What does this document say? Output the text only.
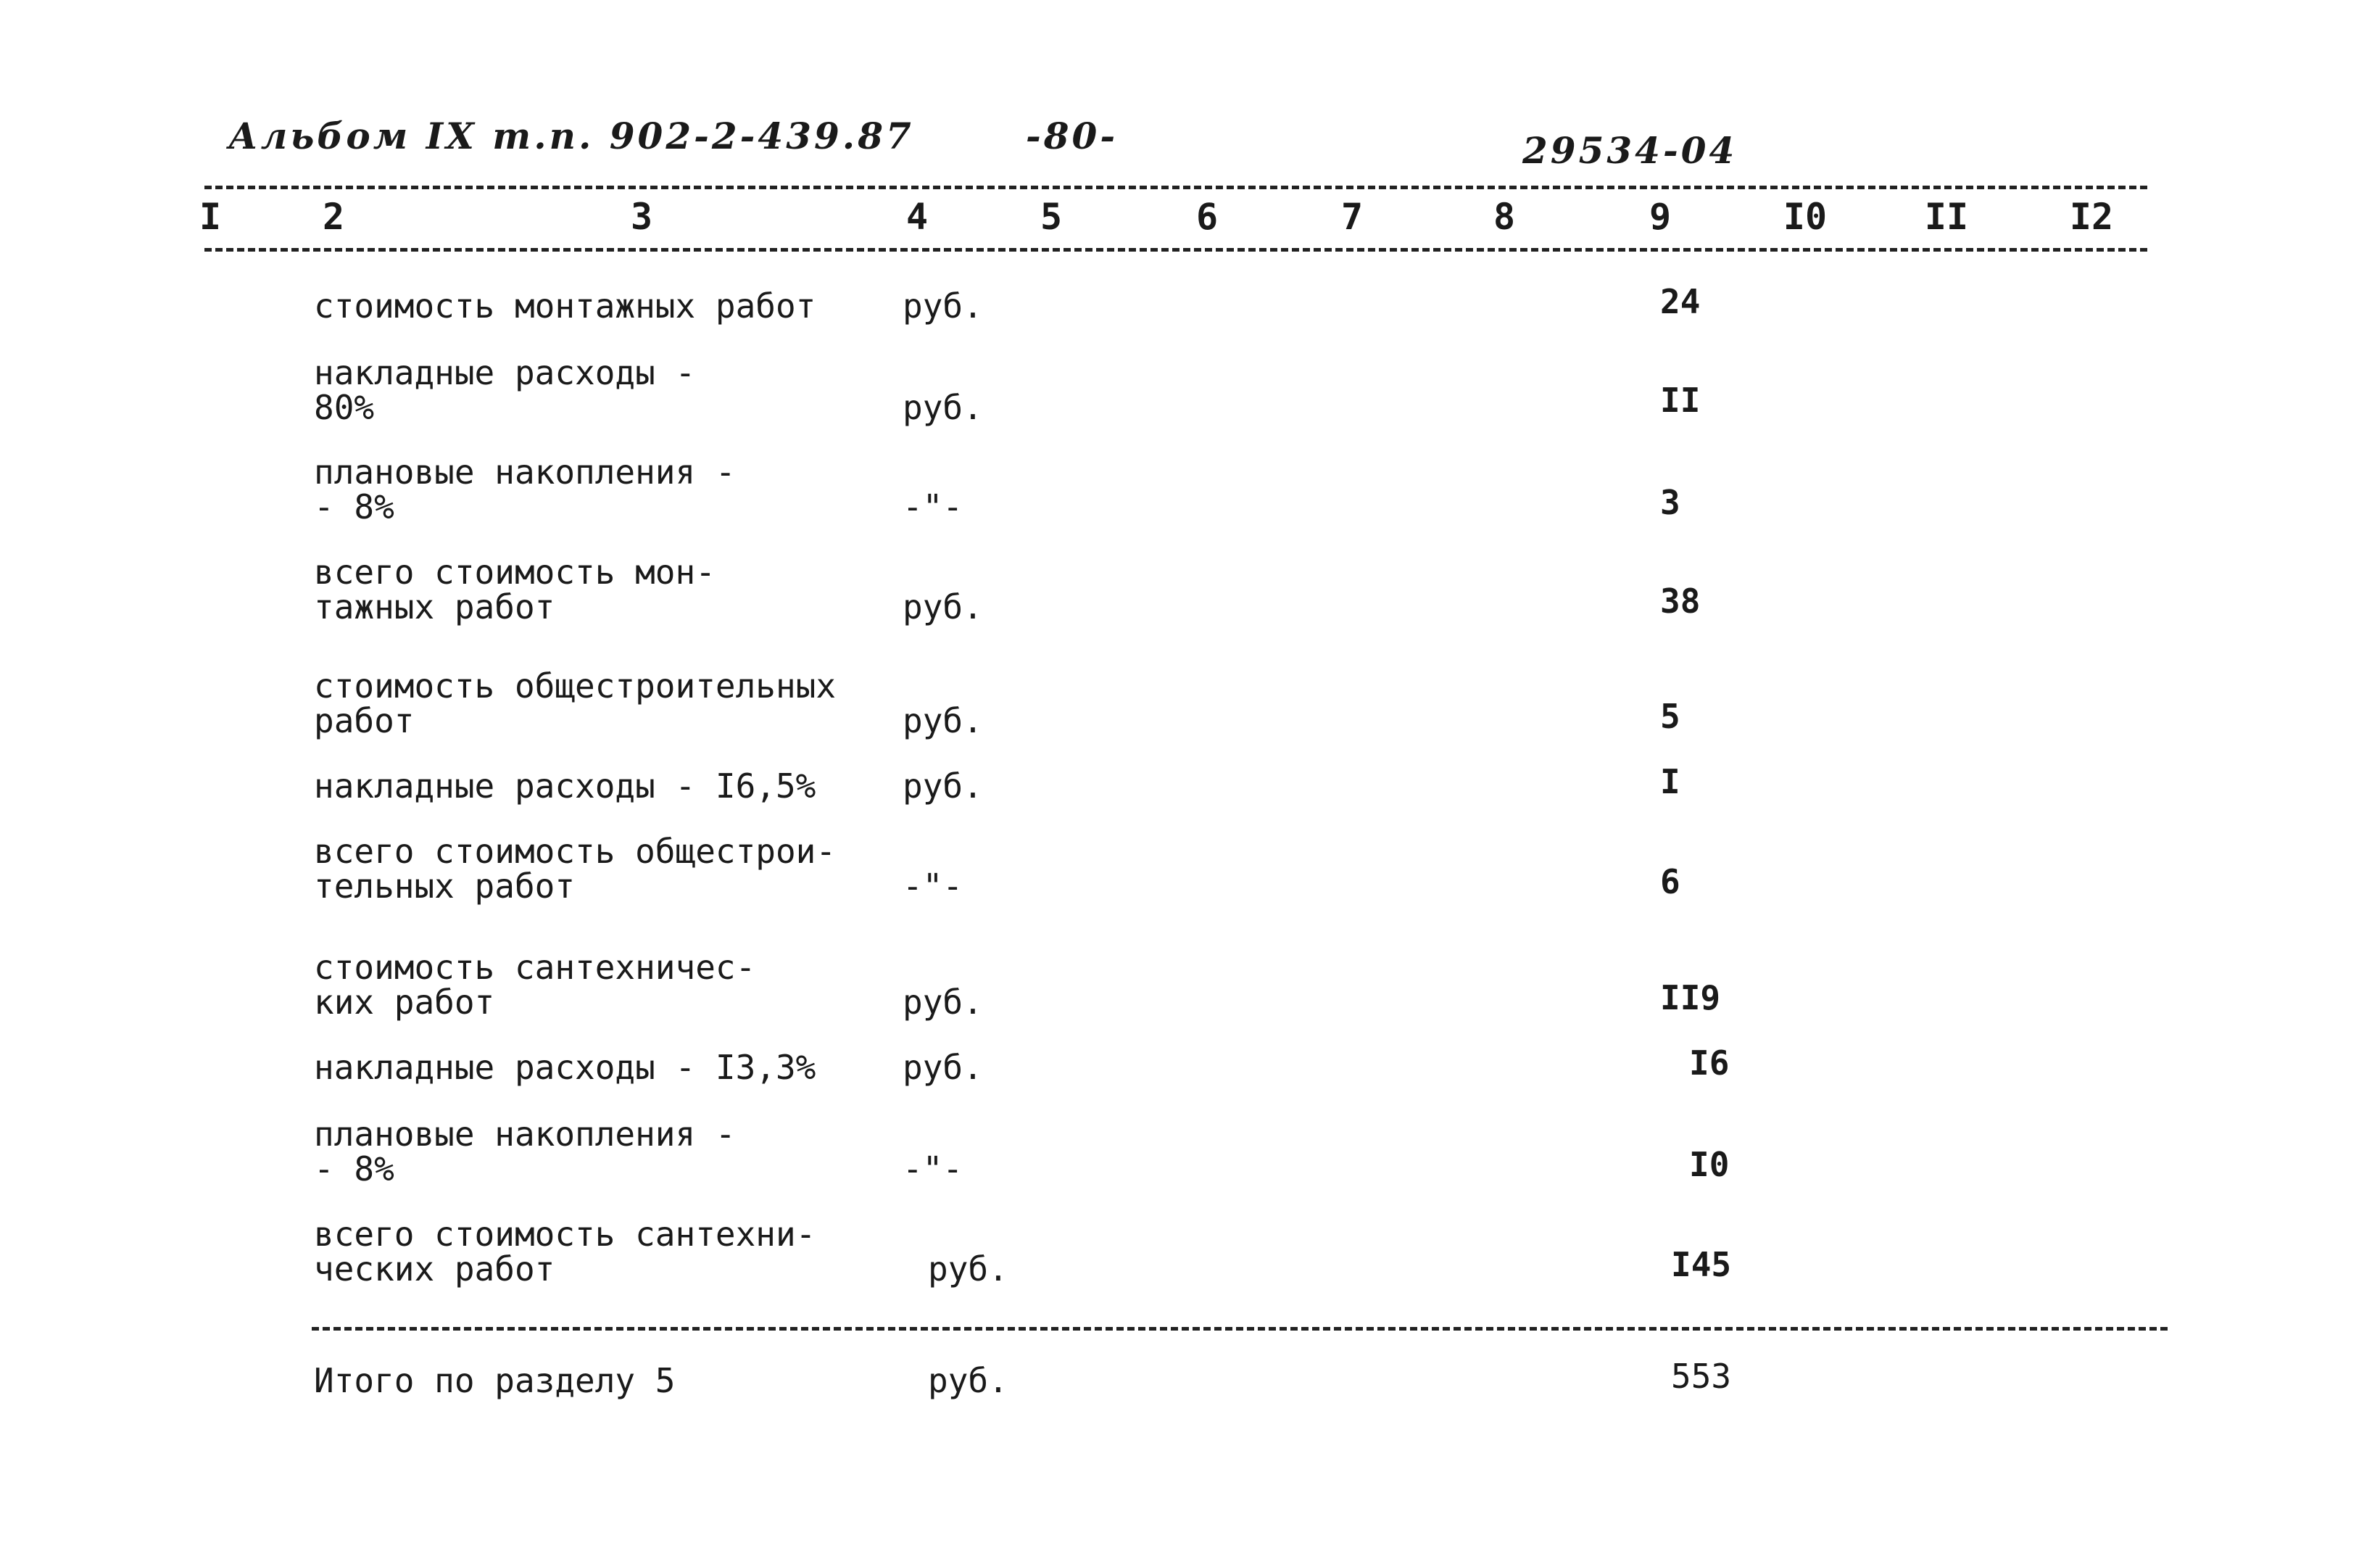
Альбом IX т.п. 902-2-439.87	-80-	29534-04
I	2	3	4	5	6	7	8	9	I0	II	I2
стоимость монтажных работ	руб.	24
накладные расходы -
80%	руб.	II
плановые накопления -
- 8%	-"-	3
всего стоимость мон-
тажных работ	руб.	38
стоимость общестроительных
работ	руб.	5
накладные расходы - I6,5%	руб.	I
всего стоимость общестрои-
тельных работ	-"-	6
стоимость сантехничес-
ких работ	руб.	II9
накладные расходы - I3,3%	руб.	I6
плановые накопления -
- 8%	-"-	I0
всего стоимость сантехни-
ческих работ	руб.	I45
Итого по разделу 5	руб.	553
